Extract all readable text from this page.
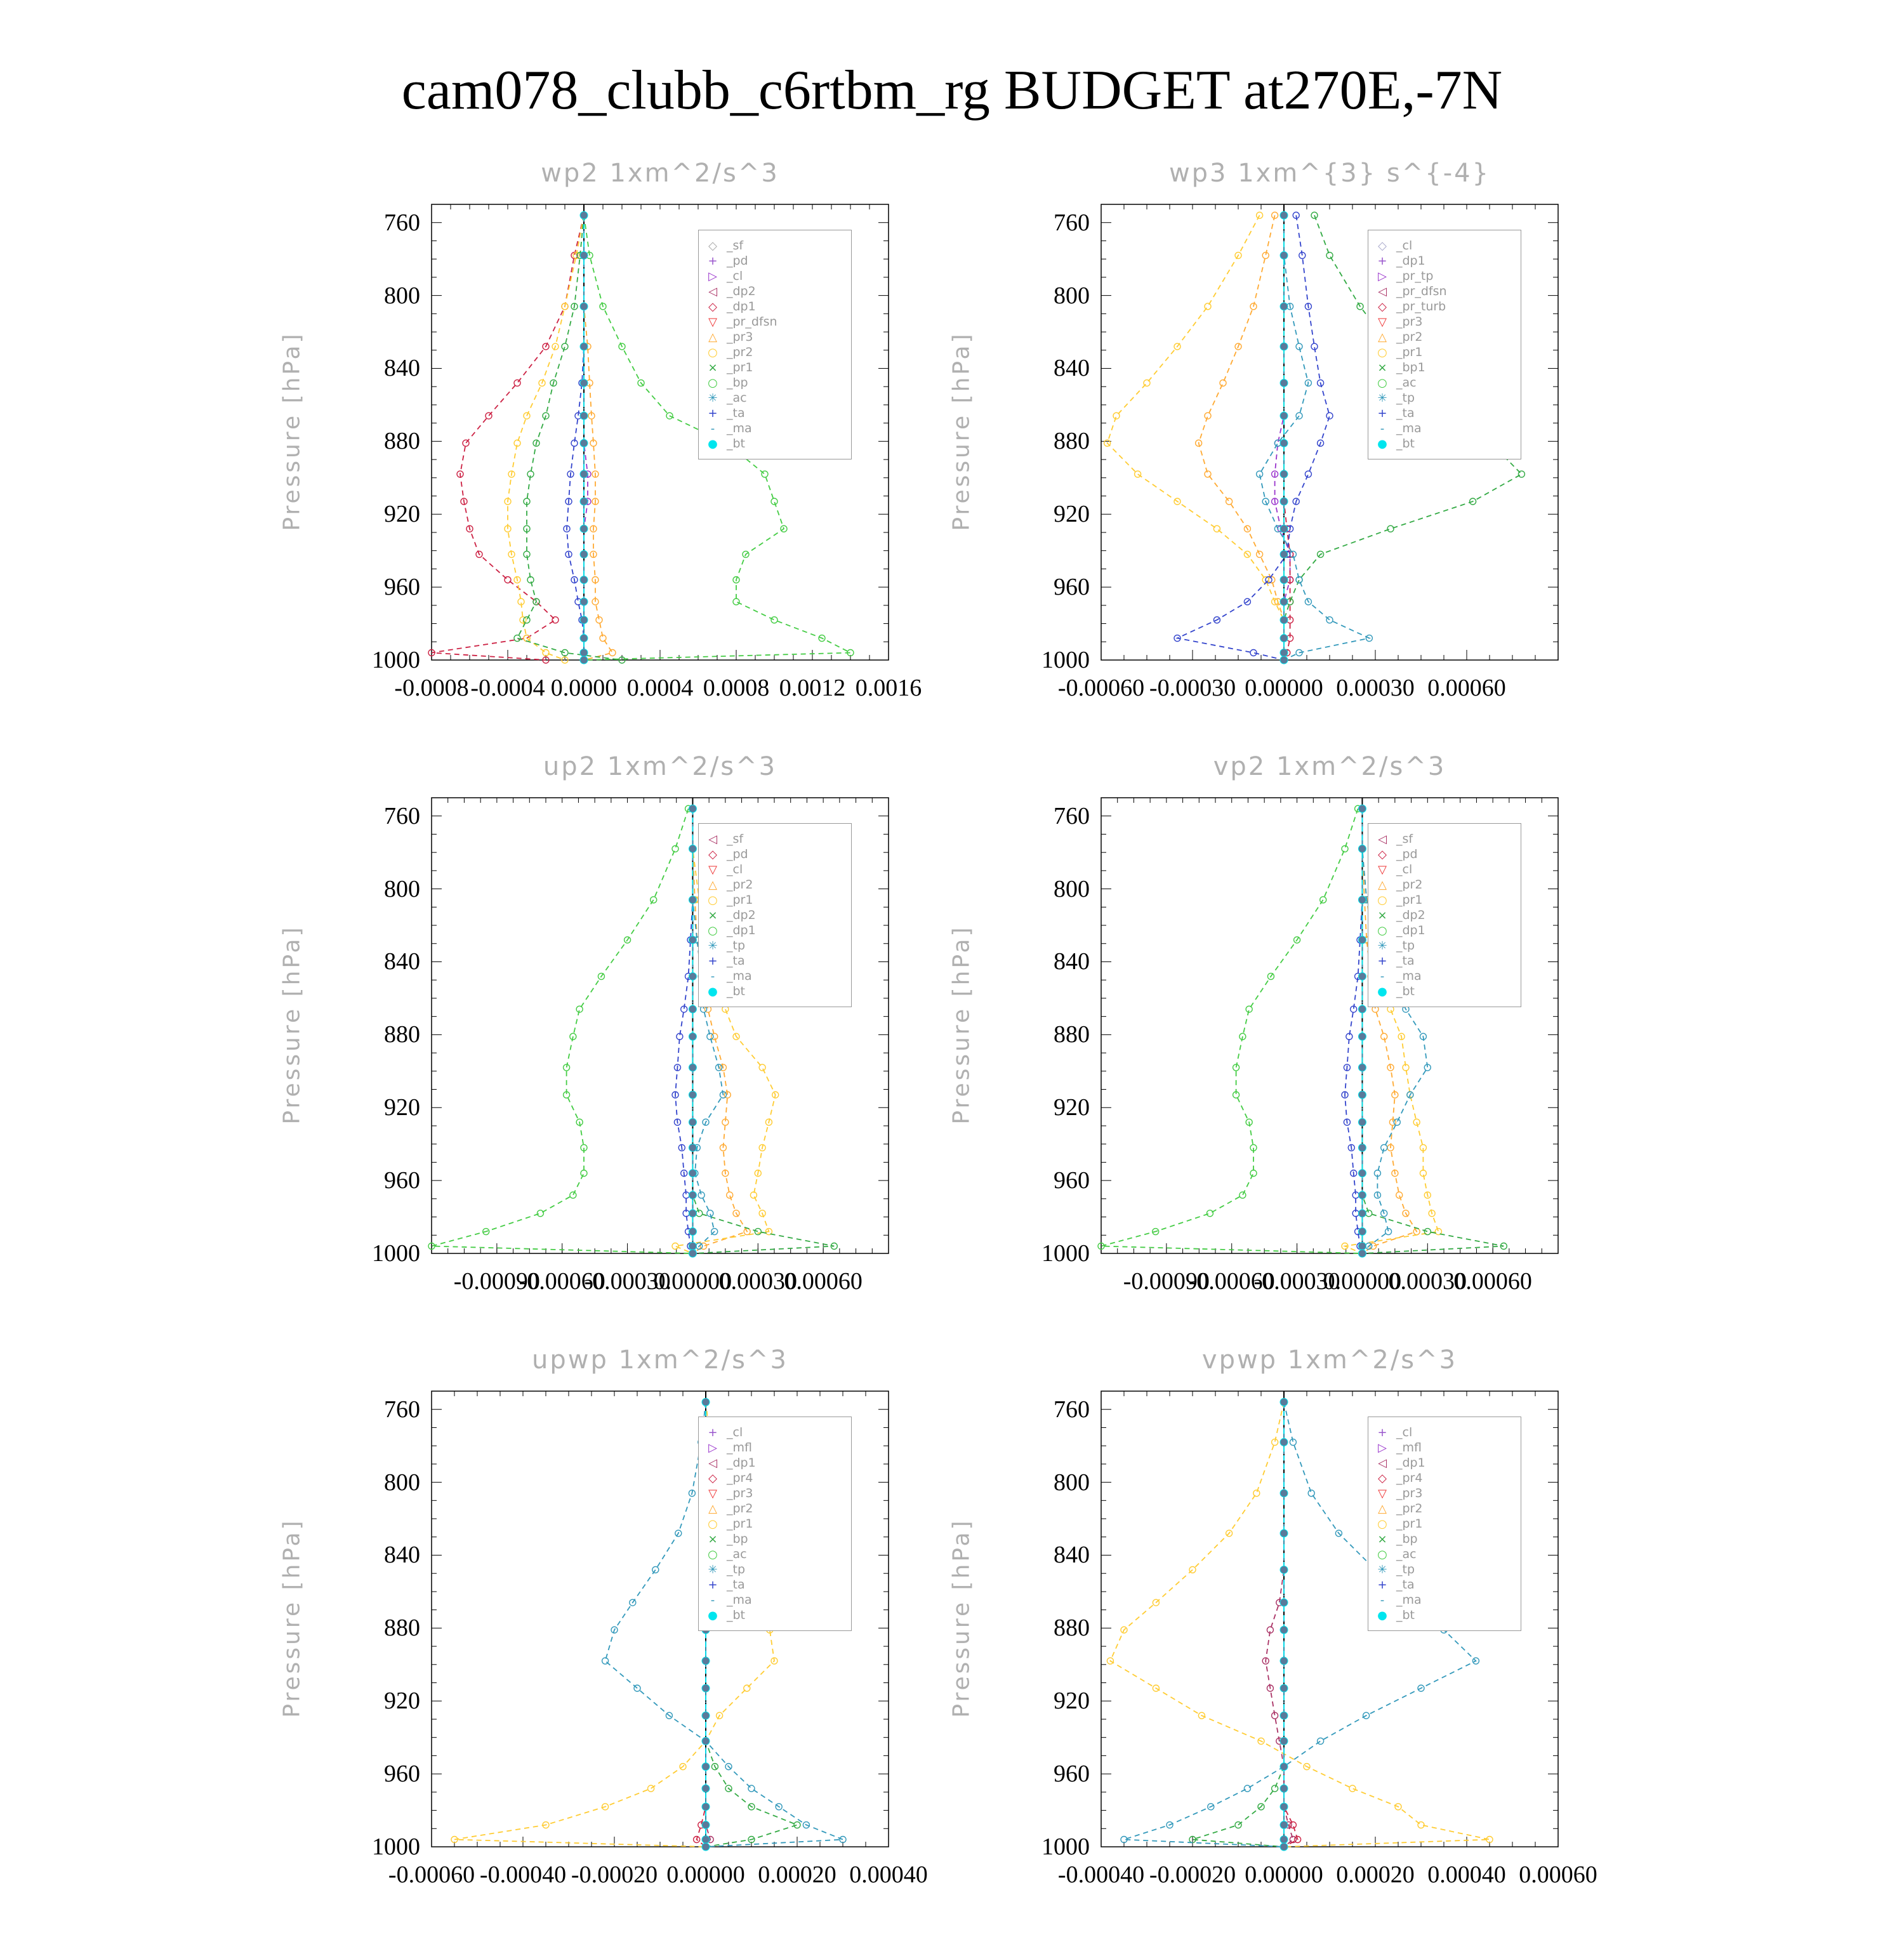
cam078_clubb_c6rtbm_rg BUDGET at270E,-7N
wp2 1xm^2/s^3
Pressure [hPa]
760
800
840
880
920
960
1000
-0.0008 -0.0004 0.0000 0.0004 0.0008 0.0012 0.0016
◇ _sf
+ _pd
▷ _cl
◁ _dp2
◇ _dp1
▽ _pr_dfsn
△ _pr3
○ _pr2
× _pr1
○ _bp
✳ _ac
+ _ta
- _ma
● _bt
wp3 1xm^{3} s^{-4}
Pressure [hPa]
760
800
840
880
920
960
1000
-0.00060 -0.00030 0.00000 0.00030 0.00060
◇ _cl
+ _dp1
▷ _pr_tp
◁ _pr_dfsn
◇ _pr_turb
▽ _pr3
△ _pr2
○ _pr1
× _bp1
○ _ac
✳ _tp
+ _ta
- _ma
● _bt
up2 1xm^2/s^3
Pressure [hPa]
760
800
840
880
920
960
1000
-0.00090
-0.00060
-0.00030
0.00000
0.00030
0.00060
◁ _sf
◇ _pd
▽ _cl
△ _pr2
○ _pr1
× _dp2
○ _dp1
✳ _tp
+ _ta
- _ma
● _bt
vp2 1xm^2/s^3
Pressure [hPa]
760
800
840
880
920
960
1000
-0.00090
-0.00060
-0.00030
0.00000
0.00030
0.00060
◁ _sf
◇ _pd
▽ _cl
△ _pr2
○ _pr1
× _dp2
○ _dp1
✳ _tp
+ _ta
- _ma
● _bt
upwp 1xm^2/s^3
Pressure [hPa]
760
800
840
880
920
960
1000
-0.00060 -0.00040 -0.00020 0.00000 0.00020 0.00040
+ _cl
▷ _mfl
◁ _dp1
◇ _pr4
▽ _pr3
△ _pr2
○ _pr1
× _bp
○ _ac
✳ _tp
+ _ta
- _ma
● _bt
vpwp 1xm^2/s^3
Pressure [hPa]
760
800
840
880
920
960
1000
-0.00040 -0.00020 0.00000 0.00020 0.00040 0.00060
+ _cl
▷ _mfl
◁ _dp1
◇ _pr4
▽ _pr3
△ _pr2
○ _pr1
× _bp
○ _ac
✳ _tp
+ _ta
- _ma
● _bt
